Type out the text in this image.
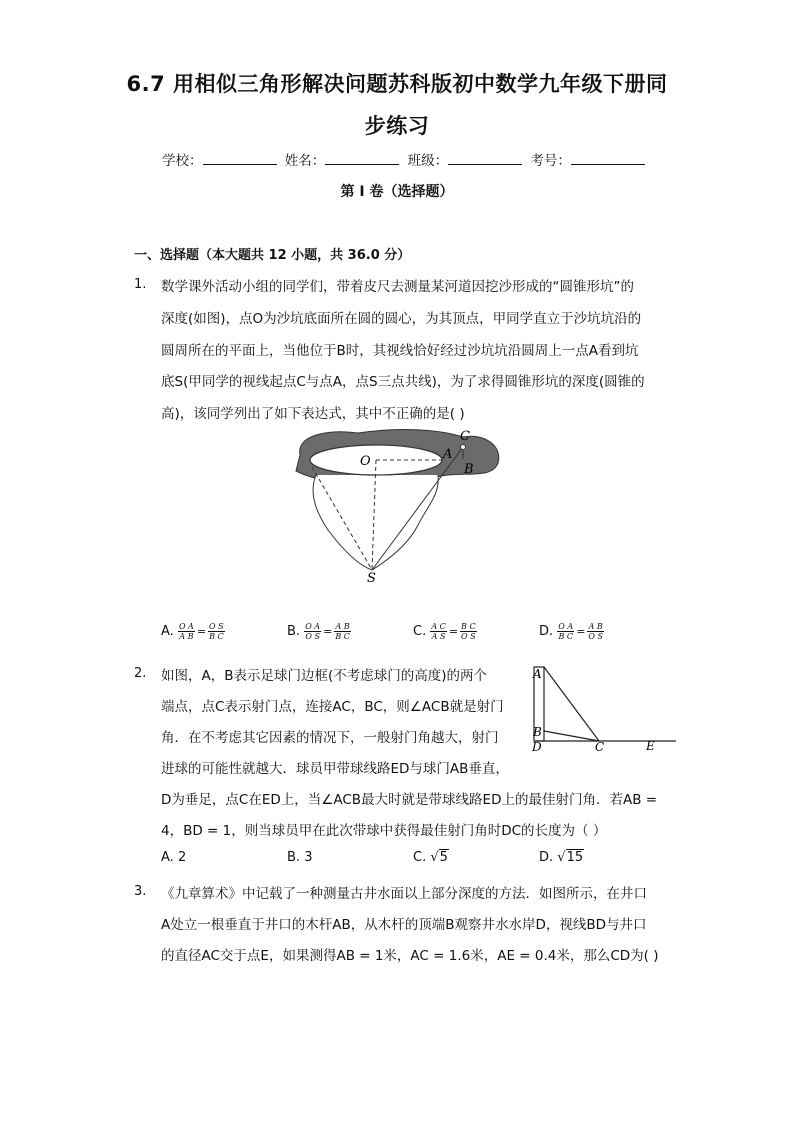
6.7 用相似三角形解决问题苏科版初中数学九年级下册同
步练习
学校：	姓名：	班级：	考号：
第 I 卷（选择题）
一、选择题（本大题共 12 小题，共 36.0 分）
1. 数学课外活动小组的同学们，带着皮尺去测量某河道因挖沙形成的“圆锥形坑”的
深度(如图)，点O为沙坑底面所在圆的圆心，为其顶点，甲同学直立于沙坑坑沿的
圆周所在的平面上，当他位于B时，其视线恰好经过沙坑坑沿圆周上一点A看到坑
底S(甲同学的视线起点C与点A，点S三点共线)，为了求得圆锥形坑的深度(圆锥的
高)，该同学列出了如下表达式，其中不正确的是( )
C
A
B
O
S
A. $\frac{\text{O A}}{\text{A B}} = \frac{\text{O S}}{\text{B C}}$	B. $\frac{\text{O A}}{\text{O S}} = \frac{\text{A B}}{\text{B C}}$	C. $\frac{\text{A C}}{\text{A S}} = \frac{\text{B C}}{\text{O S}}$	D. $\frac{\text{O A}}{\text{B C}} = \frac{\text{A B}}{\text{O S}}$
2. 如图，A，B表示足球门边框(不考虑球门的高度)的两个
端点，点C表示射门点，连接AC，BC，则∠ACB就是射门
角．在不考虑其它因素的情况下，一般射门角越大，射门
进球的可能性就越大．球员甲带球线路ED与球门AB垂直，
D为垂足，点C在ED上，当∠ACB最大时就是带球线路ED上的最佳射门角．若AB =
4，BD = 1，则当球员甲在此次带球中获得最佳射门角时DC的长度为（ ）
A
B
D	C	E
A. 2	B. 3	C. √5	D. √15
3. 《九章算术》中记载了一种测量古井水面以上部分深度的方法．如图所示，在井口
A处立一根垂直于井口的木杆AB，从木杆的顶端B观察井水水岸D，视线BD与井口
的直径AC交于点E，如果测得AB = 1米，AC = 1.6米，AE = 0.4米，那么CD为( )
